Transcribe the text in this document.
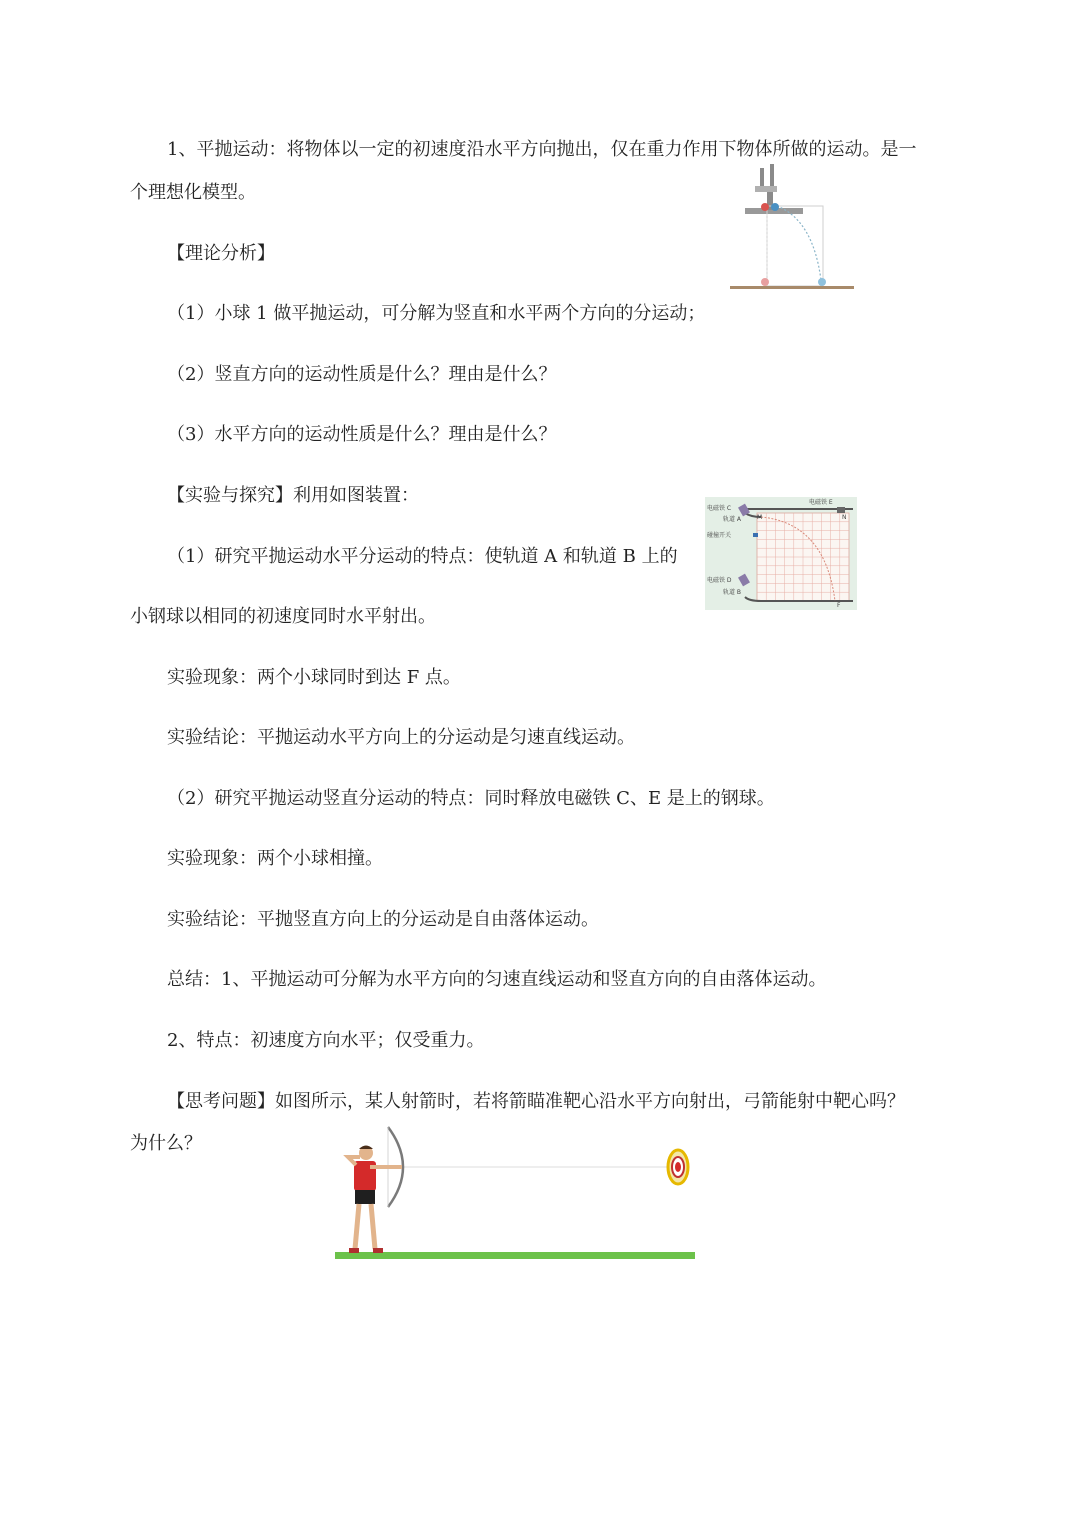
1、平抛运动：将物体以一定的初速度沿水平方向抛出，仅在重力作用下物体所做的运动。是一
个理想化模型。
【理论分析】
（1）小球 1 做平抛运动，可分解为竖直和水平两个方向的分运动；
（2）竖直方向的运动性质是什么？理由是什么？
（3）水平方向的运动性质是什么？理由是什么？
【实验与探究】利用如图装置：
（1）研究平抛运动水平分运动的特点：使轨道 A 和轨道 B 上的
小钢球以相同的初速度同时水平射出。
实验现象：两个小球同时到达 F 点。
实验结论：平抛运动水平方向上的分运动是匀速直线运动。
（2）研究平抛运动竖直分运动的特点：同时释放电磁铁 C、E 是上的钢球。
实验现象：两个小球相撞。
实验结论：平抛竖直方向上的分运动是自由落体运动。
总结：1、平抛运动可分解为水平方向的匀速直线运动和竖直方向的自由落体运动。
2、特点：初速度方向水平；仅受重力。
【思考问题】如图所示，某人射箭时，若将箭瞄准靶心沿水平方向射出，弓箭能射中靶心吗？
为什么？
电磁铁 C
轨道 A
碰撞开关
电磁铁 D
轨道 B
电磁铁 E
M	N
F
